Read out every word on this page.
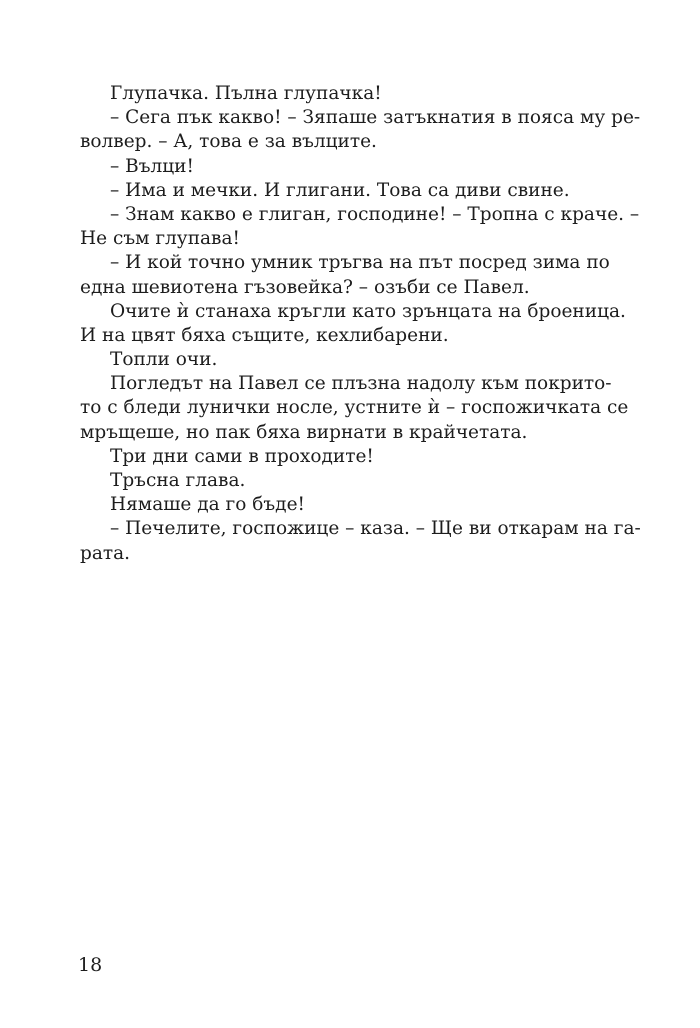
Глупачка. Пълна глупачка!
– Сега пък какво! – Зяпаше затъкнатия в пояса му ре-
волвер. – А, това е за вълците.
– Вълци!
– Има и мечки. И глигани. Това са диви свине.
– Знам какво е глиган, господине! – Тропна с краче. –
Не съм глупава!
– И кой точно умник тръгва на път посред зима по
една шевиотена гъзовейка? – озъби се Павел.
Очите ѝ станаха кръгли като зрънцата на броеница.
И на цвят бяха същите, кехлибарени.
Топли очи.
Погледът на Павел се плъзна надолу към покрито-
то с бледи лунички носле, устните ѝ – госпожичката се
мръщеше, но пак бяха вирнати в крайчетата.
Три дни сами в проходите!
Тръсна глава.
Нямаше да го бъде!
– Печелите, госпожице – каза. – Ще ви откарам на га-
рата.
18
